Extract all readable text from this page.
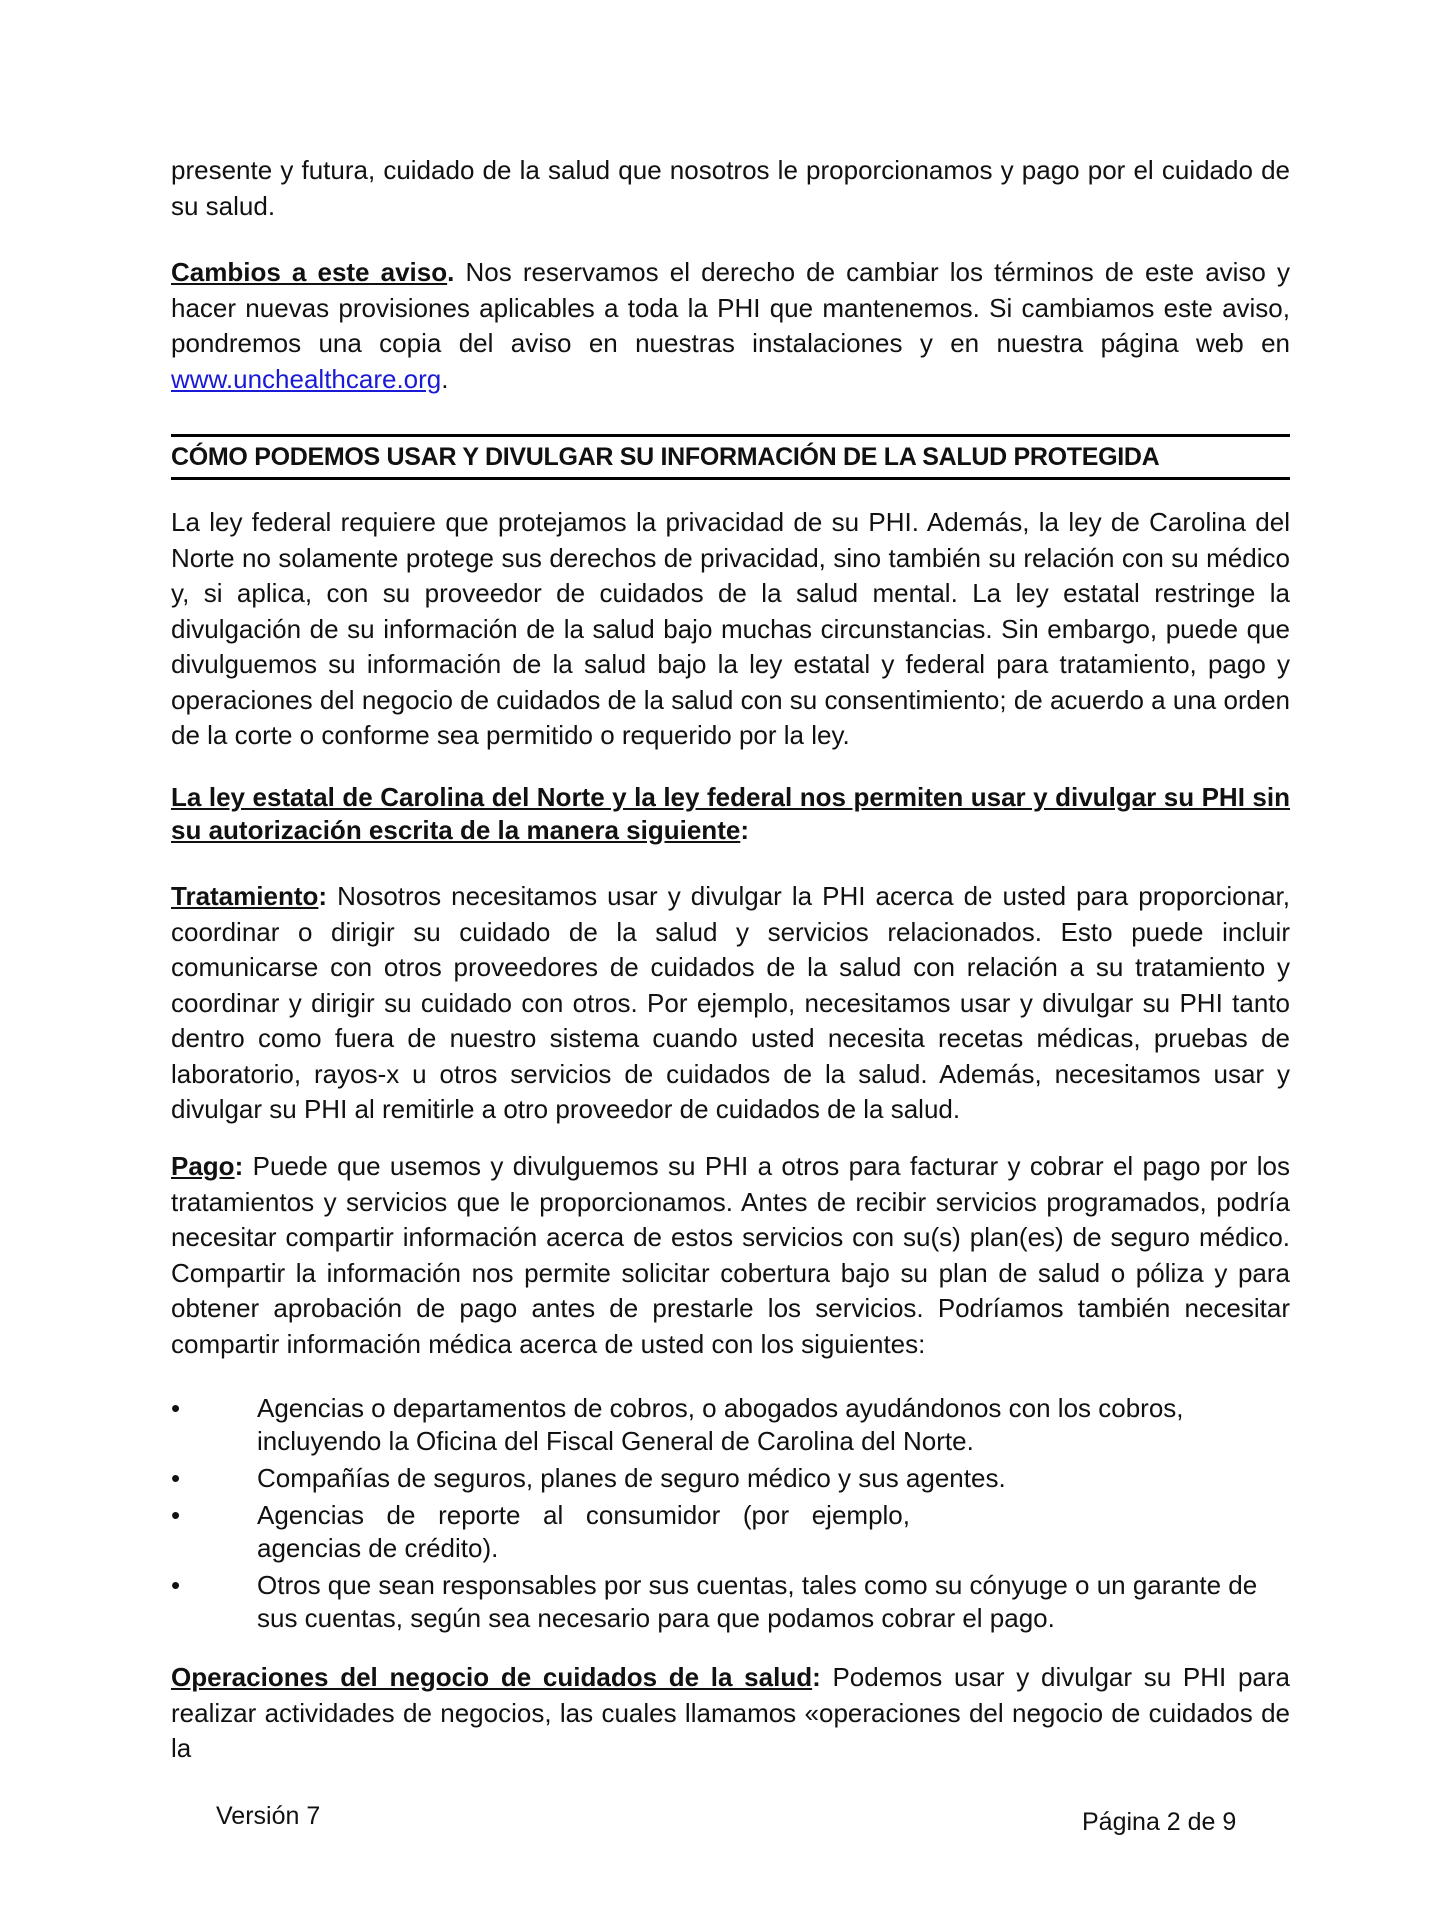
presente y futura, cuidado de la salud que nosotros le proporcionamos y pago por el cuidado de su salud.

Cambios a este aviso. Nos reservamos el derecho de cambiar los términos de este aviso y hacer nuevas provisiones aplicables a toda la PHI que mantenemos. Si cambiamos este aviso, pondremos una copia del aviso en nuestras instalaciones y en nuestra página web en www.unchealthcare.org.

CÓMO PODEMOS USAR Y DIVULGAR SU INFORMACIÓN DE LA SALUD PROTEGIDA

La ley federal requiere que protejamos la privacidad de su PHI. Además, la ley de Carolina del Norte no solamente protege sus derechos de privacidad, sino también su relación con su médico y, si aplica, con su proveedor de cuidados de la salud mental. La ley estatal restringe la divulgación de su información de la salud bajo muchas circunstancias. Sin embargo, puede que divulguemos su información de la salud bajo la ley estatal y federal para tratamiento, pago y operaciones del negocio de cuidados de la salud con su consentimiento; de acuerdo a una orden de la corte o conforme sea permitido o requerido por la ley.

La ley estatal de Carolina del Norte y la ley federal nos permiten usar y divulgar su PHI sin su autorización escrita de la manera siguiente:

Tratamiento: Nosotros necesitamos usar y divulgar la PHI acerca de usted para proporcionar, coordinar o dirigir su cuidado de la salud y servicios relacionados. Esto puede incluir comunicarse con otros proveedores de cuidados de la salud con relación a su tratamiento y coordinar y dirigir su cuidado con otros. Por ejemplo, necesitamos usar y divulgar su PHI tanto dentro como fuera de nuestro sistema cuando usted necesita recetas médicas, pruebas de laboratorio, rayos-x u otros servicios de cuidados de la salud. Además, necesitamos usar y divulgar su PHI al remitirle a otro proveedor de cuidados de la salud.

Pago: Puede que usemos y divulguemos su PHI a otros para facturar y cobrar el pago por los tratamientos y servicios que le proporcionamos. Antes de recibir servicios programados, podría necesitar compartir información acerca de estos servicios con su(s) plan(es) de seguro médico. Compartir la información nos permite solicitar cobertura bajo su plan de salud o póliza y para obtener aprobación de pago antes de prestarle los servicios. Podríamos también necesitar compartir información médica acerca de usted con los siguientes:

•	Agencias o departamentos de cobros, o abogados ayudándonos con los cobros, incluyendo la Oficina del Fiscal General de Carolina del Norte.
•	Compañías de seguros, planes de seguro médico y sus agentes.
•	Agencias de reporte al consumidor (por ejemplo, agencias de crédito).
•	Otros que sean responsables por sus cuentas, tales como su cónyuge o un garante de sus cuentas, según sea necesario para que podamos cobrar el pago.

Operaciones del negocio de cuidados de la salud: Podemos usar y divulgar su PHI para realizar actividades de negocios, las cuales llamamos «operaciones del negocio de cuidados de la

Versión 7	Página 2 de 9
